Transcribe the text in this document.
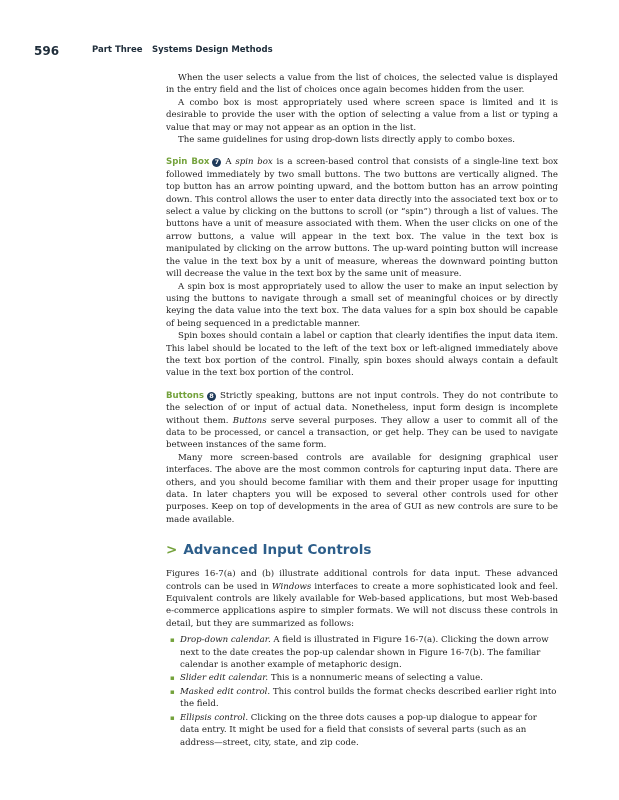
596	Part Three Systems Design Methods

When the user selects a value from the list of choices, the selected value is displayed in the entry field and the list of choices once again becomes hidden from the user.

A combo box is most appropriately used where screen space is limited and it is desirable to provide the user with the option of selecting a value from a list or typing a value that may or may not appear as an option in the list.

The same guidelines for using drop-down lists directly apply to combo boxes.

Spin Box 7 A spin box is a screen-based control that consists of a single-line text box followed immediately by two small buttons. The two buttons are vertically aligned. The top button has an arrow pointing upward, and the bottom button has an arrow pointing down. This control allows the user to enter data directly into the associated text box or to select a value by clicking on the buttons to scroll (or “spin”) through a list of values. The buttons have a unit of measure associated with them. When the user clicks on one of the arrow buttons, a value will appear in the text box. The value in the text box is manipulated by clicking on the arrow buttons. The up-ward pointing button will increase the value in the text box by a unit of measure, whereas the downward pointing button will decrease the value in the text box by the same unit of measure.

A spin box is most appropriately used to allow the user to make an input selection by using the buttons to navigate through a small set of meaningful choices or by directly keying the data value into the text box. The data values for a spin box should be capable of being sequenced in a predictable manner.

Spin boxes should contain a label or caption that clearly identifies the input data item. This label should be located to the left of the text box or left-aligned immediately above the text box portion of the control. Finally, spin boxes should always contain a default value in the text box portion of the control.

Buttons 8 Strictly speaking, buttons are not input controls. They do not contribute to the selection of or input of actual data. Nonetheless, input form design is incomplete without them. Buttons serve several purposes. They allow a user to commit all of the data to be processed, or cancel a transaction, or get help. They can be used to navigate between instances of the same form.

Many more screen-based controls are available for designing graphical user interfaces. The above are the most common controls for capturing input data. There are others, and you should become familiar with them and their proper usage for inputting data. In later chapters you will be exposed to several other controls used for other purposes. Keep on top of developments in the area of GUI as new controls are sure to be made available.

> Advanced Input Controls

Figures 16-7(a) and (b) illustrate additional controls for data input. These advanced controls can be used in Windows interfaces to create a more sophisticated look and feel. Equivalent controls are likely available for Web-based applications, but most Web-based e-commerce applications aspire to simpler formats. We will not discuss these controls in detail, but they are summarized as follows:

▪ Drop-down calendar. A field is illustrated in Figure 16-7(a). Clicking the down arrow next to the date creates the pop-up calendar shown in Figure 16-7(b). The familiar calendar is another example of metaphoric design.
▪ Slider edit calendar. This is a nonnumeric means of selecting a value.
▪ Masked edit control. This control builds the format checks described earlier right into the field.
▪ Ellipsis control. Clicking on the three dots causes a pop-up dialogue to appear for data entry. It might be used for a field that consists of several parts (such as an address—street, city, state, and zip code.
